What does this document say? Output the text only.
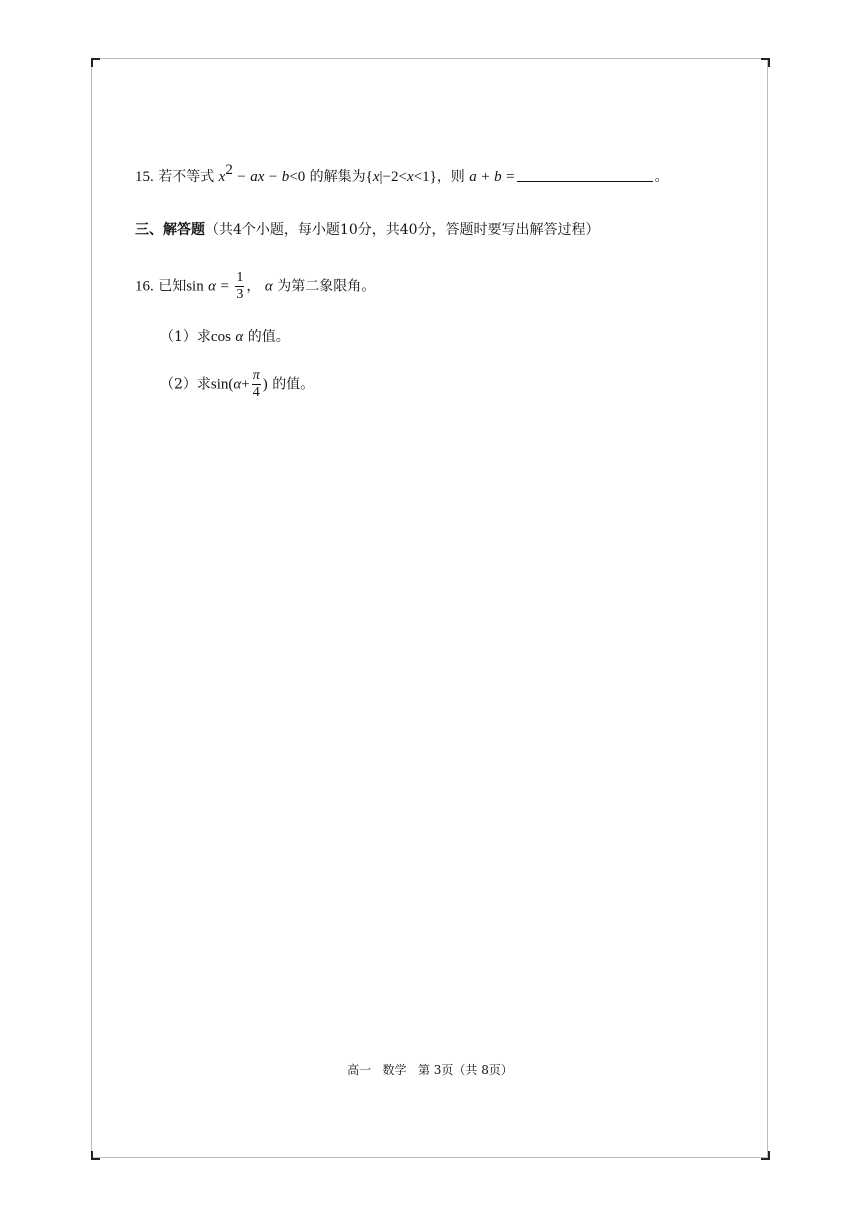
15. 若不等式 $x^2$ − ax − b<0 的解集为{x|−2<x<1}，则 a + b =	。
三、解答题（共4个小题，每小题10分，共40分，答题时要写出解答过程）
16. 已知$\sin \alpha = \frac{1}{3}$ ， α 为第二象限角。
（1）求cos α 的值。
（2）求$\sin(\alpha+ \frac{\pi}{4}$ ) 的值。
高一   数学   第 3页（共 8页）
